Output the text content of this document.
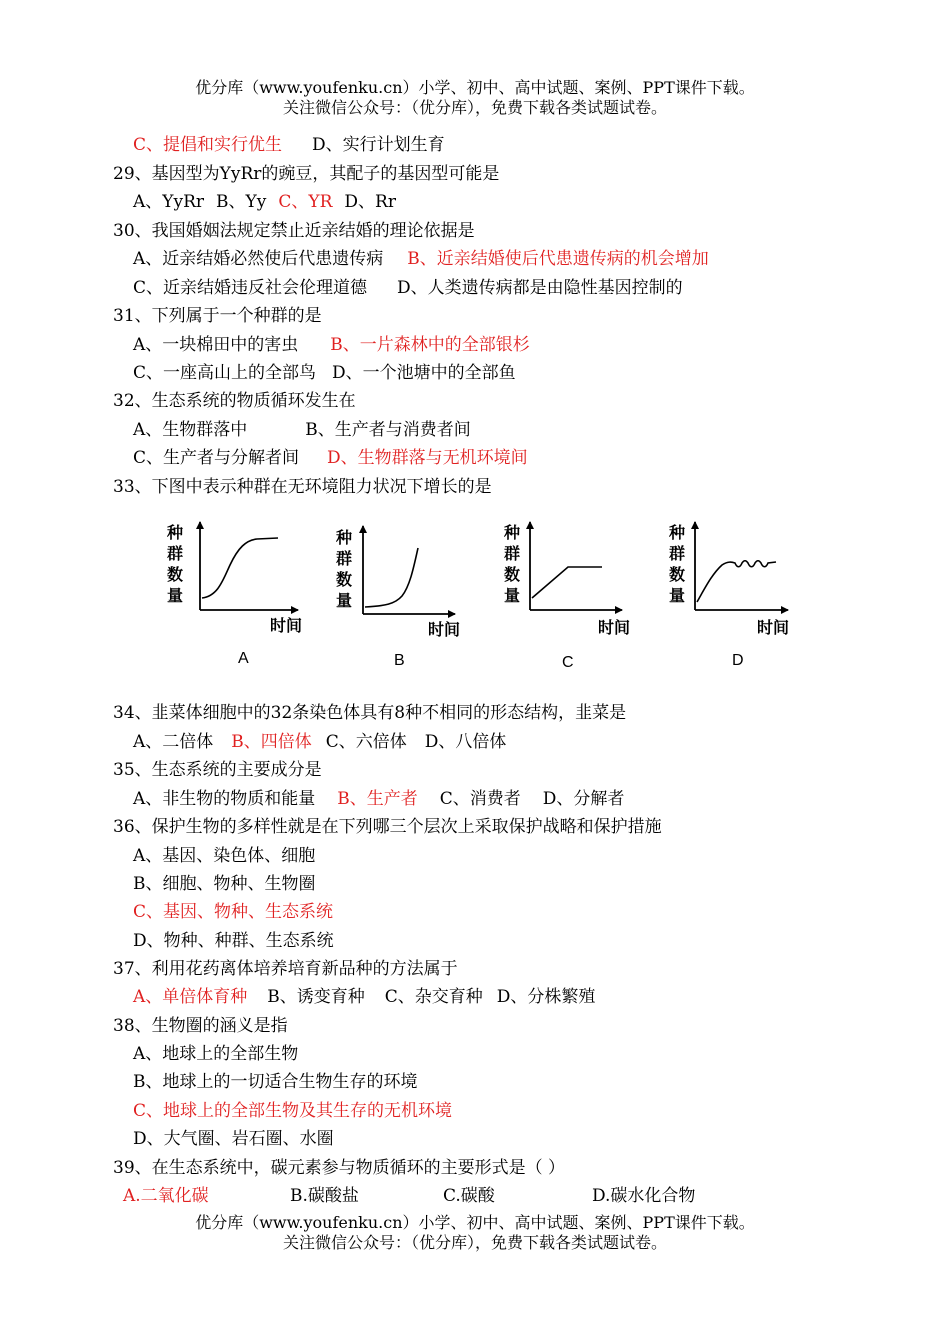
优分库（www.youfenku.cn）小学、初中、高中试题、案例、PPT课件下载。
关注微信公众号：（优分库），免费下载各类试题试卷。
C、提倡和实行优生 D、实行计划生育
29、基因型为YyRr的豌豆，其配子的基因型可能是
A、YyRr B、Yy C、YR D、Rr
30、我国婚姻法规定禁止近亲结婚的理论依据是
A、近亲结婚必然使后代患遗传病 B、近亲结婚使后代患遗传病的机会增加
C、近亲结婚违反社会伦理道德 D、人类遗传病都是由隐性基因控制的
31、下列属于一个种群的是
A、一块棉田中的害虫 B、一片森林中的全部银杉
C、一座高山上的全部鸟 D、一个池塘中的全部鱼
32、生态系统的物质循环发生在
A、生物群落中	B、生产者与消费者间
C、生产者与分解者间 D、生物群落与无机环境间
33、下图中表示种群在无环境阻力状况下增长的是
种
群
数
量
时间
种
群
数
量
时间
种
群
数
量
时间
种
群
数
量
时间
A	B	C	D
34、韭菜体细胞中的32条染色体具有8种不相同的形态结构，韭菜是
A、二倍体 B、四倍体 C、六倍体 D、八倍体
35、生态系统的主要成分是
A、非生物的物质和能量 B、生产者 C、消费者 D、分解者
36、保护生物的多样性就是在下列哪三个层次上采取保护战略和保护措施
A、基因、染色体、细胞
B、细胞、物种、生物圈
C、基因、物种、生态系统
D、物种、种群、生态系统
37、利用花药离体培养培育新品种的方法属于
A、单倍体育种 B、诱变育种 C、杂交育种 D、分株繁殖
38、生物圈的涵义是指
A、地球上的全部生物
B、地球上的一切适合生物生存的环境
C、地球上的全部生物及其生存的无机环境
D、大气圈、岩石圈、水圈
39、在生态系统中，碳元素参与物质循环的主要形式是（ ）
A.二氧化碳	B.碳酸盐	C.碳酸	D.碳水化合物
优分库（www.youfenku.cn）小学、初中、高中试题、案例、PPT课件下载。
关注微信公众号：（优分库），免费下载各类试题试卷。
